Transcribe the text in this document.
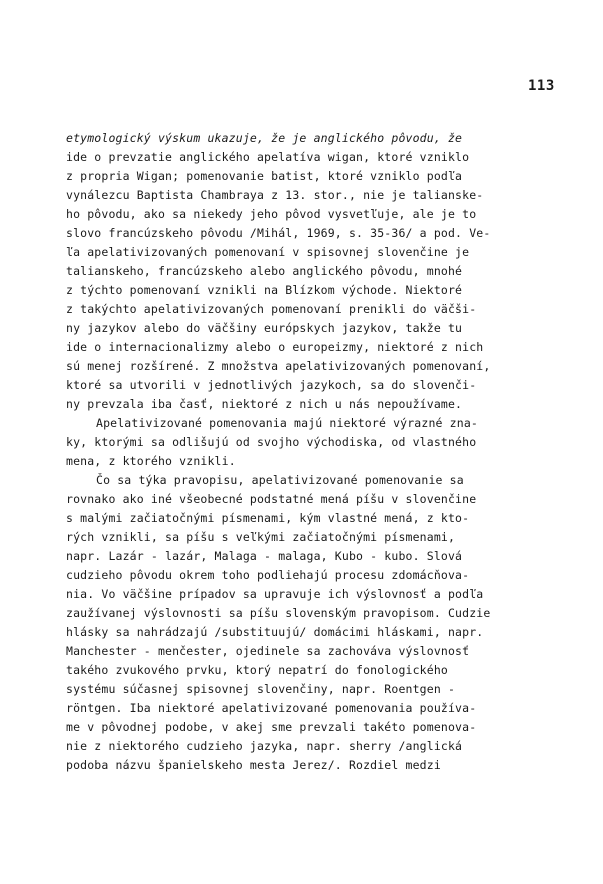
113
etymologický výskum ukazuje, že je anglického pôvodu, že
ide o prevzatie anglického apelatíva wigan, ktoré vzniklo
z propria Wigan; pomenovanie batist, ktoré vzniklo podľa
vynálezcu Baptista Chambraya z 13. stor., nie je talianske-
ho pôvodu, ako sa niekedy jeho pôvod vysvetľuje, ale je to
slovo francúzskeho pôvodu /Mihál, 1969, s. 35-36/ a pod. Ve-
ľa apelativizovaných pomenovaní v spisovnej slovenčine je
talianskeho, francúzskeho alebo anglického pôvodu, mnohé
z týchto pomenovaní vznikli na Blízkom východe. Niektoré
z takýchto apelativizovaných pomenovaní prenikli do väčši-
ny jazykov alebo do väčšiny európskych jazykov, takže tu
ide o internacionalizmy alebo o europeizmy, niektoré z nich
sú menej rozšírené. Z množstva apelativizovaných pomenovaní,
ktoré sa utvorili v jednotlivých jazykoch, sa do slovenči-
ny prevzala iba časť, niektoré z nich u nás nepoužívame.
Apelativizované pomenovania majú niektoré výrazné zna-
ky, ktorými sa odlišujú od svojho východiska, od vlastného
mena, z ktorého vznikli.
Čo sa týka pravopisu, apelativizované pomenovanie sa
rovnako ako iné všeobecné podstatné mená píšu v slovenčine
s malými začiatočnými písmenami, kým vlastné mená, z kto-
rých vznikli, sa píšu s veľkými začiatočnými písmenami,
napr. Lazár - lazár, Malaga - malaga, Kubo - kubo. Slová
cudzieho pôvodu okrem toho podliehajú procesu zdomácňova-
nia. Vo väčšine prípadov sa upravuje ich výslovnosť a podľa
zaužívanej výslovnosti sa píšu slovenským pravopisom. Cudzie
hlásky sa nahrádzajú /substituujú/ domácimi hláskami, napr.
Manchester - menčester, ojedinele sa zachováva výslovnosť
takého zvukového prvku, ktorý nepatrí do fonologického
systému súčasnej spisovnej slovenčiny, napr. Roentgen -
röntgen. Iba niektoré apelativizované pomenovania používa-
me v pôvodnej podobe, v akej sme prevzali takéto pomenova-
nie z niektorého cudzieho jazyka, napr. sherry /anglická
podoba názvu španielskeho mesta Jerez/. Rozdiel medzi
